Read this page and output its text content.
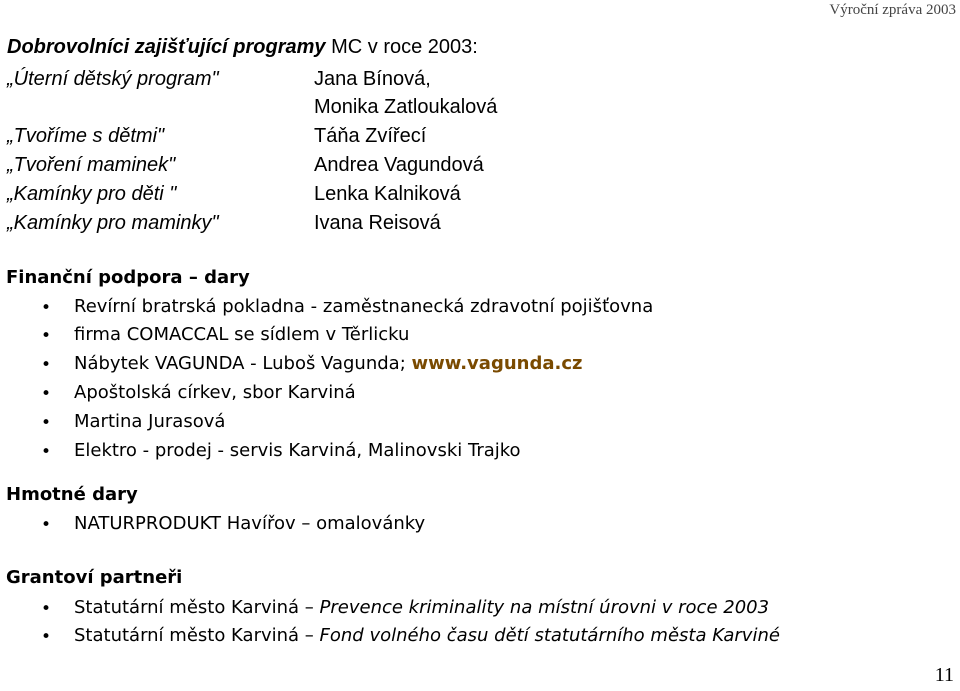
Výroční zpráva 2003
Dobrovolníci zajišťující programy MC v roce 2003:
„Úterní dětský program"	Jana Bínová,
Monika Zatloukalová
„Tvoříme s dětmi"	Táňa Zvířecí
„Tvoření maminek"	Andrea Vagundová
„Kamínky pro děti "	Lenka Kalniková
„Kamínky pro maminky"	Ivana Reisová
Finanční podpora – dary
• Revírní bratrská pokladna - zaměstnanecká zdravotní pojišťovna
• firma COMACCAL se sídlem v Těrlicku
• Nábytek VAGUNDA - Luboš Vagunda; www.vagunda.cz
• Apoštolská církev, sbor Karviná
• Martina Jurasová
• Elektro - prodej - servis Karviná, Malinovski Trajko
Hmotné dary
• NATURPRODUKT Havířov – omalovánky
Grantoví partneři
• Statutární město Karviná – Prevence kriminality na místní úrovni v roce 2003
• Statutární město Karviná – Fond volného času dětí statutárního města Karviné
11
